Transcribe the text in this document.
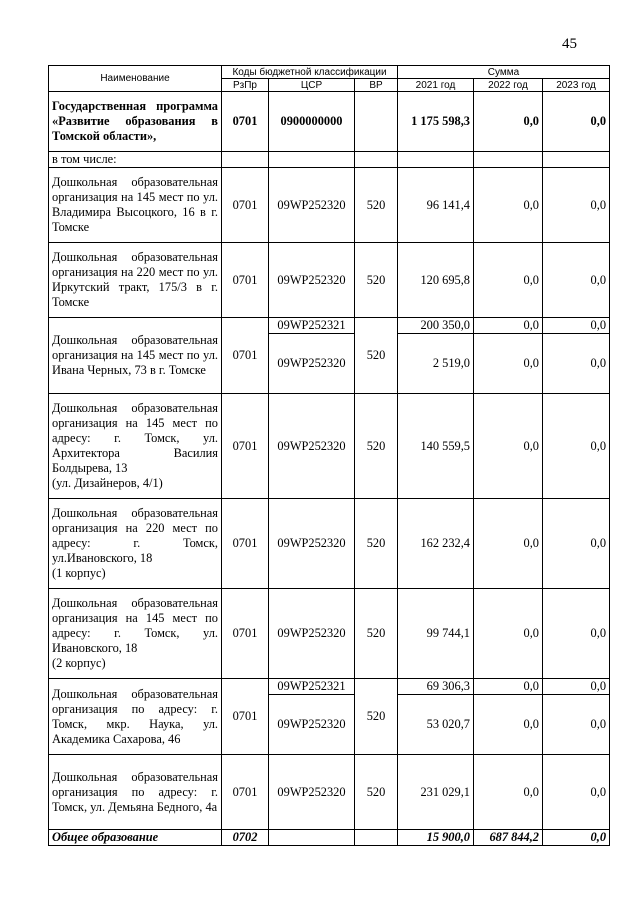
45
Наименование	Коды бюджетной классификации			Сумма		
	РзПр	ЦСР	ВР	2021 год	2022 год	2023 год
Государственная программа «Развитие образования в Томской области»,	0701	0900000000		1 175 598,3	0,0	0,0
в том числе:						
Дошкольная образовательная организация на 145 мест по ул. Владимира Высоцкого, 16 в г. Томске	0701	09WP252320	520	96 141,4	0,0	0,0
Дошкольная образовательная организация на 220 мест по ул. Иркутский тракт, 175/3 в г. Томске	0701	09WP252320	520	120 695,8	0,0	0,0
Дошкольная образовательная организация на 145 мест по ул. Ивана Черных, 73 в г. Томске	0701	09WP252321	520	200 350,0	0,0	0,0
		09WP252320		2 519,0	0,0	0,0
Дошкольная образовательная организация на 145 мест по адресу: г. Томск, ул. Архитектора Василия Болдырева, 13
(ул. Дизайнеров, 4/1)	0701	09WP252320	520	140 559,5	0,0	0,0
Дошкольная образовательная организация на 220 мест по адресу: г. Томск, ул.Ивановского, 18
(1 корпус)	0701	09WP252320	520	162 232,4	0,0	0,0
Дошкольная образовательная организация на 145 мест по адресу: г. Томск, ул. Ивановского, 18
(2 корпус)	0701	09WP252320	520	99 744,1	0,0	0,0
Дошкольная образовательная организация по адресу: г. Томск, мкр. Наука, ул. Академика Сахарова, 46	0701	09WP252321	520	69 306,3	0,0	0,0
		09WP252320		53 020,7	0,0	0,0
Дошкольная образовательная организация по адресу: г. Томск, ул. Демьяна Бедного, 4а	0701	09WP252320	520	231 029,1	0,0	0,0
Общее образование	0702			15 900,0	687 844,2	0,0
